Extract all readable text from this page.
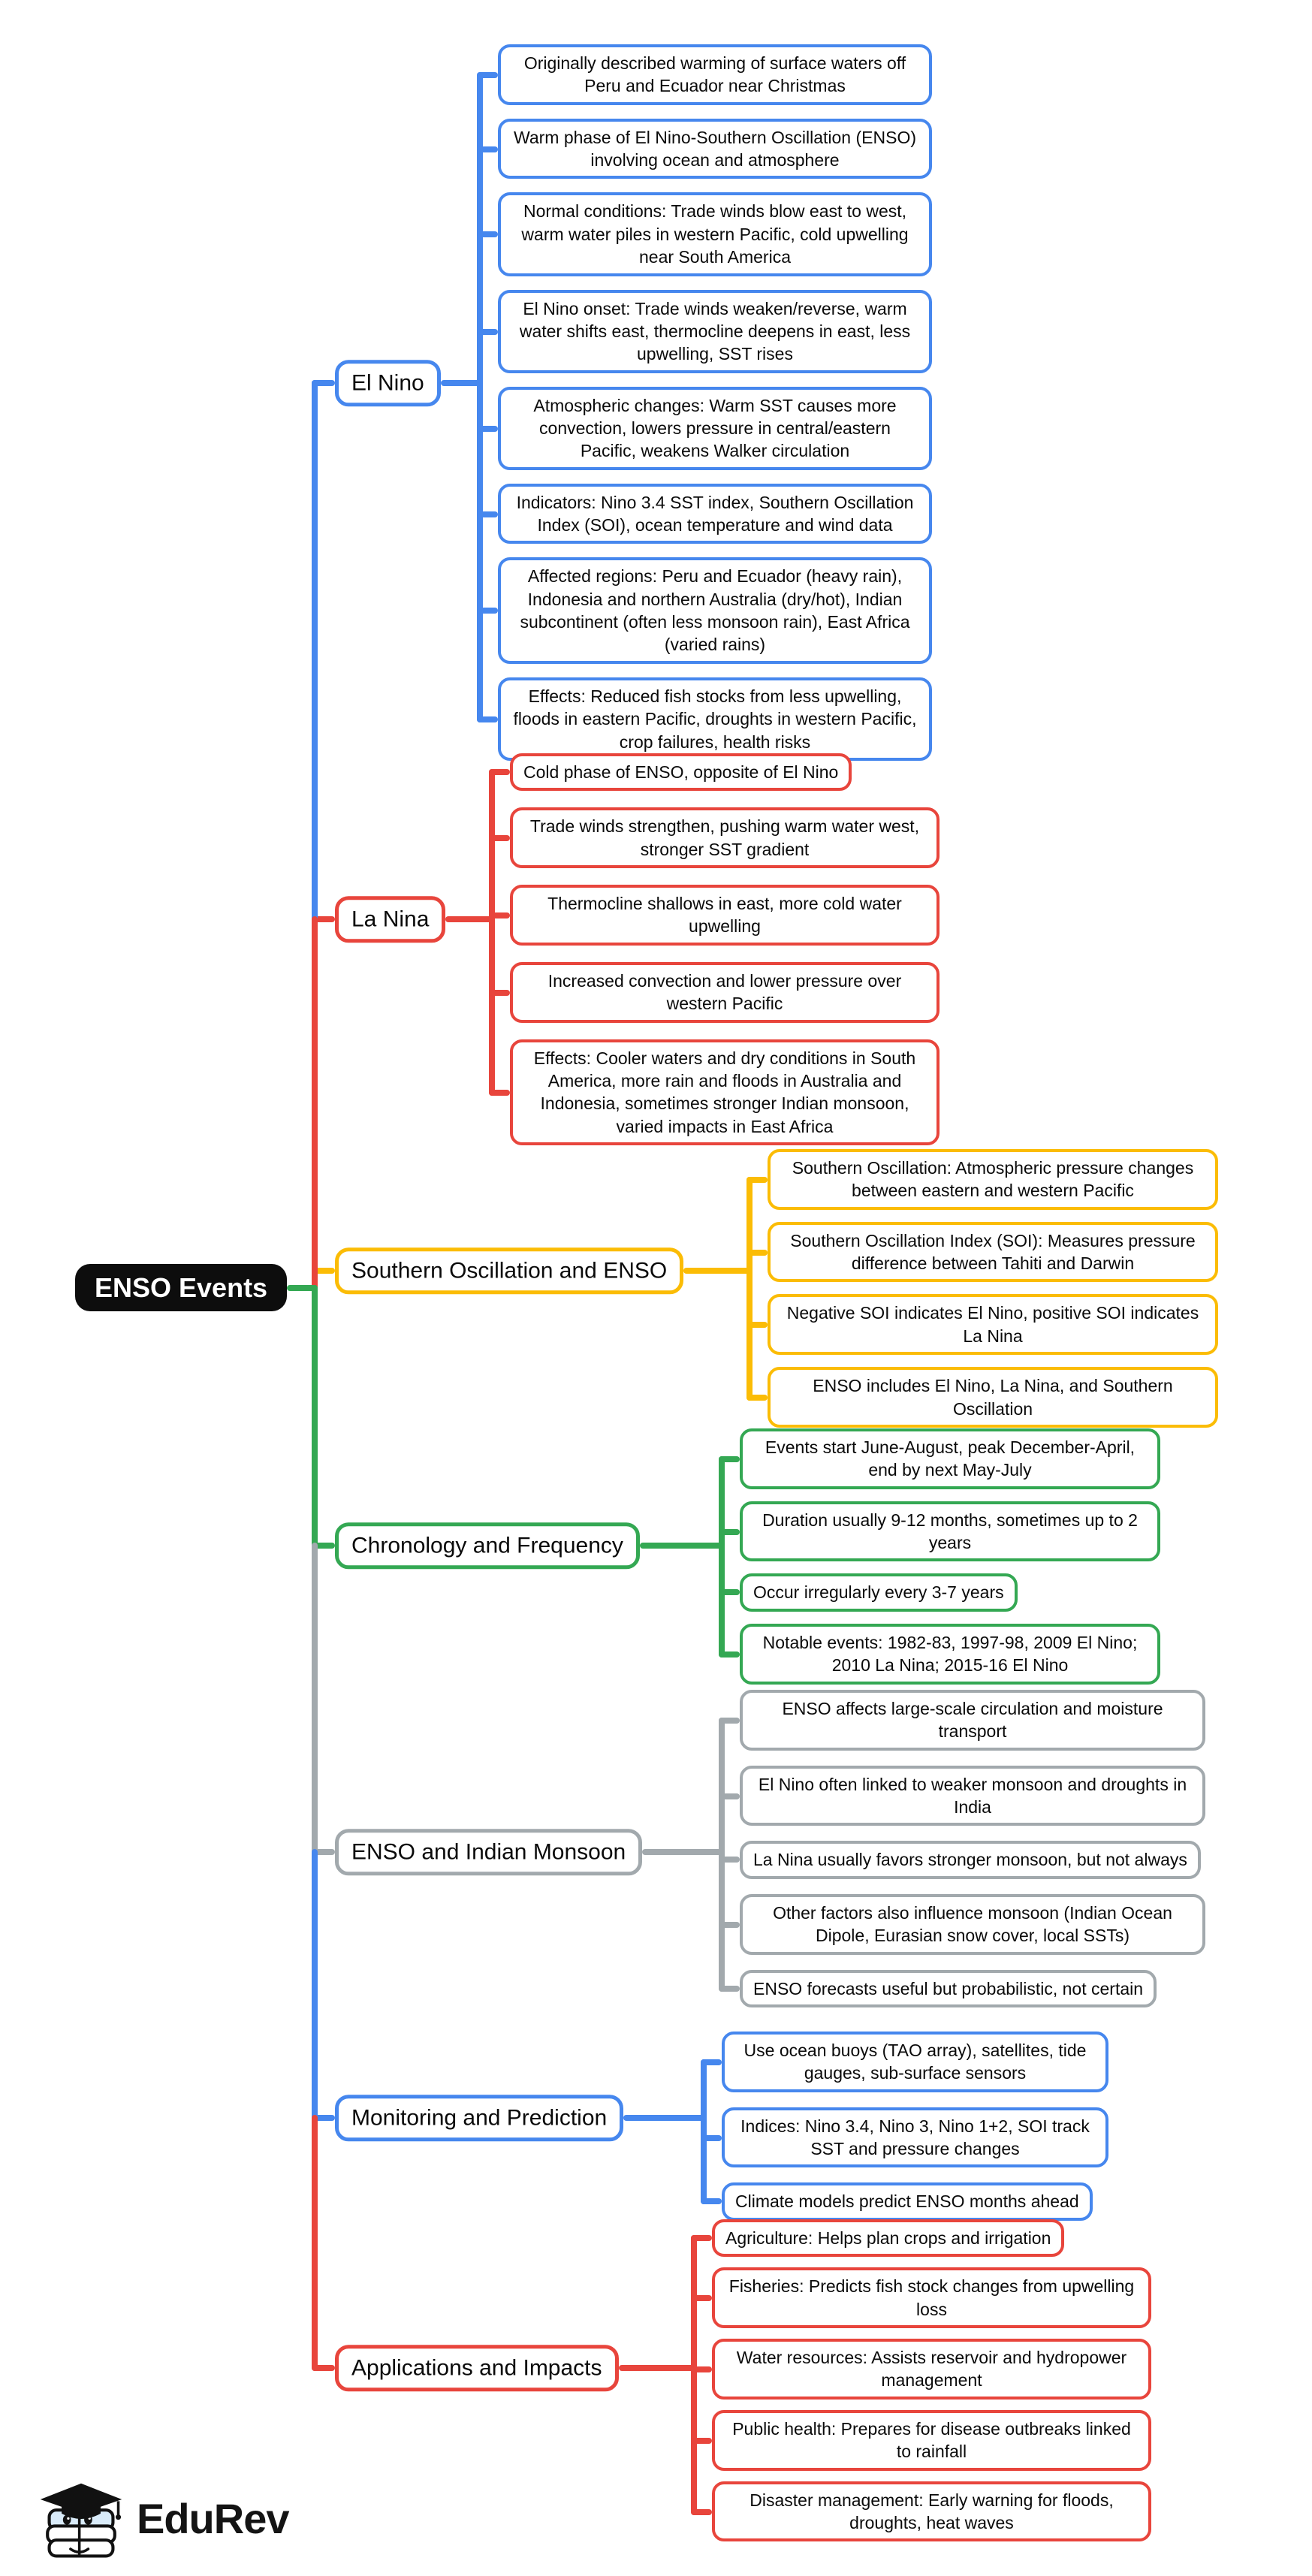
ENSO Events
El Nino
Originally described warming of surface waters off Peru and Ecuador near Christmas
Warm phase of El Nino-Southern Oscillation (ENSO) involving ocean and atmosphere
Normal conditions: Trade winds blow east to west, warm water piles in western Pacific, cold upwelling near South America
El Nino onset: Trade winds weaken/reverse, warm water shifts east, thermocline deepens in east, less upwelling, SST rises
Atmospheric changes: Warm SST causes more convection, lowers pressure in central/eastern Pacific, weakens Walker circulation
Indicators: Nino 3.4 SST index, Southern Oscillation Index (SOI), ocean temperature and wind data
Affected regions: Peru and Ecuador (heavy rain), Indonesia and northern Australia (dry/hot), Indian subcontinent (often less monsoon rain), East Africa (varied rains)
Effects: Reduced fish stocks from less upwelling, floods in eastern Pacific, droughts in western Pacific, crop failures, health risks
La Nina
Cold phase of ENSO, opposite of El Nino
Trade winds strengthen, pushing warm water west, stronger SST gradient
Thermocline shallows in east, more cold water upwelling
Increased convection and lower pressure over western Pacific
Effects: Cooler waters and dry conditions in South America, more rain and floods in Australia and Indonesia, sometimes stronger Indian monsoon, varied impacts in East Africa
Southern Oscillation and ENSO
Southern Oscillation: Atmospheric pressure changes between eastern and western Pacific
Southern Oscillation Index (SOI): Measures pressure difference between Tahiti and Darwin
Negative SOI indicates El Nino, positive SOI indicates La Nina
ENSO includes El Nino, La Nina, and Southern Oscillation
Chronology and Frequency
Events start June-August, peak December-April, end by next May-July
Duration usually 9-12 months, sometimes up to 2 years
Occur irregularly every 3-7 years
Notable events: 1982-83, 1997-98, 2009 El Nino; 2010 La Nina; 2015-16 El Nino
ENSO and Indian Monsoon
ENSO affects large-scale circulation and moisture transport
El Nino often linked to weaker monsoon and droughts in India
La Nina usually favors stronger monsoon, but not always
Other factors also influence monsoon (Indian Ocean Dipole, Eurasian snow cover, local SSTs)
ENSO forecasts useful but probabilistic, not certain
Monitoring and Prediction
Use ocean buoys (TAO array), satellites, tide gauges, sub-surface sensors
Indices: Nino 3.4, Nino 3, Nino 1+2, SOI track SST and pressure changes
Climate models predict ENSO months ahead
Applications and Impacts
Agriculture: Helps plan crops and irrigation
Fisheries: Predicts fish stock changes from upwelling loss
Water resources: Assists reservoir and hydropower management
Public health: Prepares for disease outbreaks linked to rainfall
Disaster management: Early warning for floods, droughts, heat waves
EduRev
